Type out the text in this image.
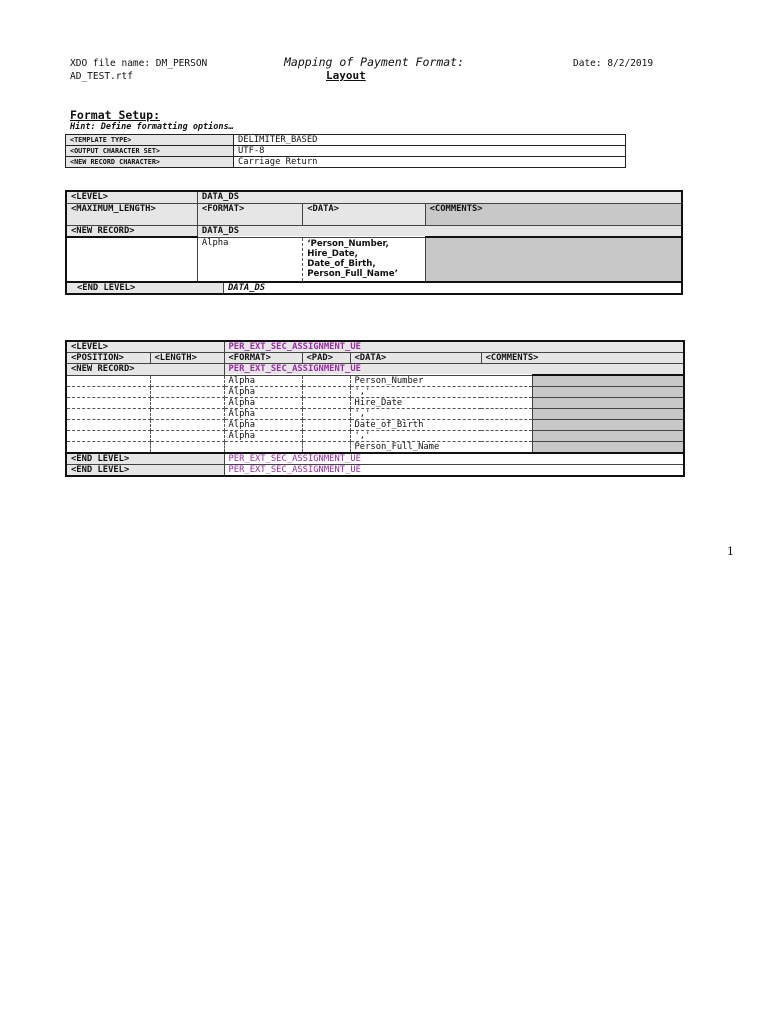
XDO file name: DM_PERSON
AD_TEST.rtf
Mapping of Payment Format:
Layout
Date: 8/2/2019
Format Setup:
Hint: Define formatting options…
<TEMPLATE TYPE>	DELIMITER_BASED
<OUTPUT CHARACTER SET>	UTF-8
<NEW RECORD CHARACTER>	Carriage Return
<LEVEL>	DATA_DS			
<MAXIMUM_LENGTH>	<FORMAT>		<DATA>	<COMMENTS>
<NEW RECORD>	DATA_DS			
	Alpha		‘Person_Number,
Hire_Date,
Date_of_Birth,
Person_Full_Name’	

<END LEVEL>		DATA_DS		
<LEVEL>		PER_EXT_SEC_ASSIGNMENT_UE				
<POSITION>	<LENGTH>	<FORMAT>	<PAD>	<DATA>	<COMMENTS>	
<NEW RECORD>		PER_EXT_SEC_ASSIGNMENT_UE				
		Alpha		Person_Number		
		Alpha		','		
		Alpha		Hire_Date		
		Alpha		','		
		Alpha		Date_of_Birth		
		Alpha		','		
				Person_Full_Name		
<END LEVEL>		PER_EXT_SEC_ASSIGNMENT_UE				
<END LEVEL>		PER_EXT_SEC_ASSIGNMENT_UE				
1
